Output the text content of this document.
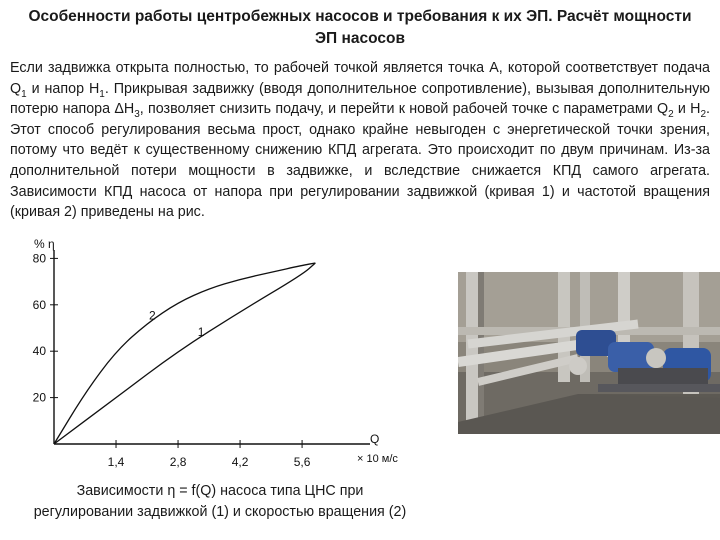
Особенности работы центробежных насосов и требования к их ЭП. Расчёт мощности
ЭП насосов
Если задвижка открыта полностью, то рабочей точкой является точка А, которой соответствует подача $Q_1$ и напор $Н_1$. Прикрывая задвижку (вводя дополнительное сопротивление), вызывая дополнительную потерю напора $\Delta Н_3$, позволяет снизить подачу, и перейти к новой рабочей точке с параметрами $Q_2$ и $Н_2$. Этот способ регулирования весьма прост, однако крайне невыгоден с энергетической точки зрения, потому что ведёт к существенному снижению КПД агрегата. Это происходит по двум причинам. Из-за дополнительной потери мощности в задвижке, и вследствие снижается КПД самого агрегата. Зависимости КПД насоса от напора при регулировании задвижкой (кривая 1) и частотой вращения (кривая 2) приведены на рис.
% η
Q
× 10 м/с
1,4	2,8	4,2	5,6
20
40
60
80
1
2
Зависимости η = f(Q) насоса типа ЦНС при
регулировании задвижкой (1) и скоростью вращения (2)
